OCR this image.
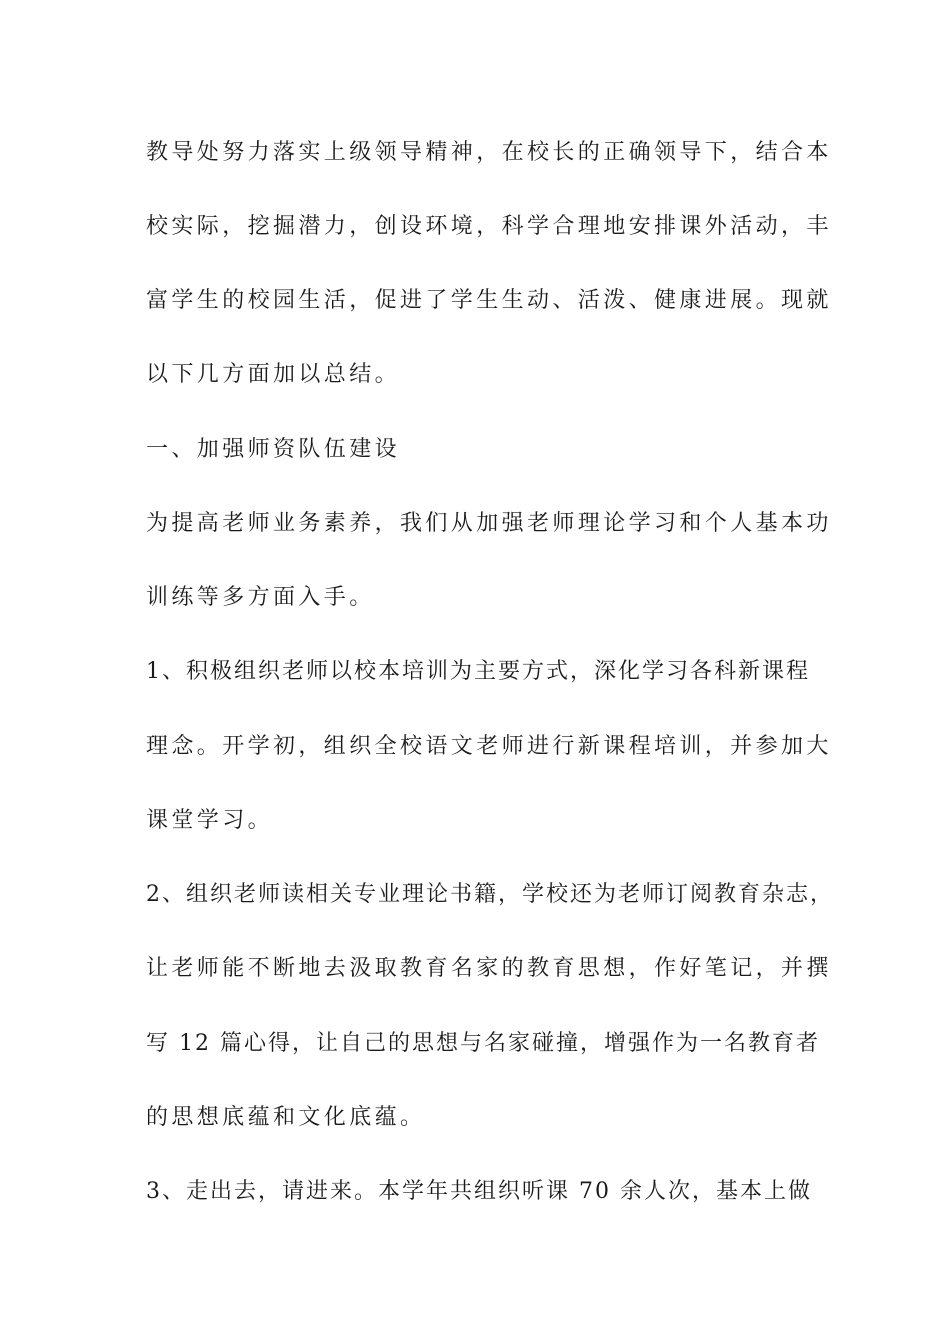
教导处努力落实上级领导精神，在校长的正确领导下，结合本
校实际，挖掘潜力，创设环境，科学合理地安排课外活动，丰
富学生的校园生活，促进了学生生动、活泼、健康进展。现就
以下几方面加以总结。
一、加强师资队伍建设
为提高老师业务素养，我们从加强老师理论学习和个人基本功
训练等多方面入手。
1、积极组织老师以校本培训为主要方式，深化学习各科新课程
理念。开学初，组织全校语文老师进行新课程培训，并参加大
课堂学习。
2、组织老师读相关专业理论书籍，学校还为老师订阅教育杂志，
让老师能不断地去汲取教育名家的教育思想，作好笔记，并撰
写 12 篇心得，让自己的思想与名家碰撞，增强作为一名教育者
的思想底蕴和文化底蕴。
3、走出去，请进来。本学年共组织听课 70 余人次，基本上做
